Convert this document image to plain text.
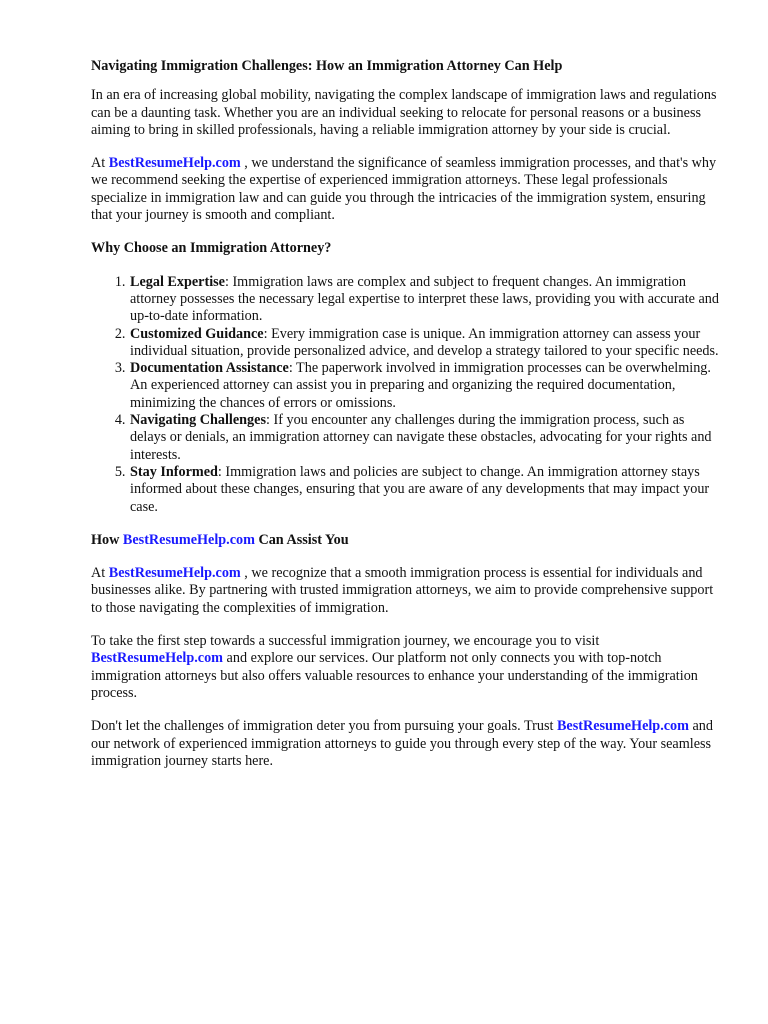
Navigating Immigration Challenges: How an Immigration Attorney Can Help

In an era of increasing global mobility, navigating the complex landscape of immigration laws and regulations can be a daunting task. Whether you are an individual seeking to relocate for personal reasons or a business aiming to bring in skilled professionals, having a reliable immigration attorney by your side is crucial.

At BestResumeHelp.com , we understand the significance of seamless immigration processes, and that's why we recommend seeking the expertise of experienced immigration attorneys. These legal professionals specialize in immigration law and can guide you through the intricacies of the immigration system, ensuring that your journey is smooth and compliant.

Why Choose an Immigration Attorney?
1. Legal Expertise: Immigration laws are complex and subject to frequent changes. An immigration attorney possesses the necessary legal expertise to interpret these laws, providing you with accurate and up-to-date information.
2. Customized Guidance: Every immigration case is unique. An immigration attorney can assess your individual situation, provide personalized advice, and develop a strategy tailored to your specific needs.
3. Documentation Assistance: The paperwork involved in immigration processes can be overwhelming. An experienced attorney can assist you in preparing and organizing the required documentation, minimizing the chances of errors or omissions.
4. Navigating Challenges: If you encounter any challenges during the immigration process, such as delays or denials, an immigration attorney can navigate these obstacles, advocating for your rights and interests.
5. Stay Informed: Immigration laws and policies are subject to change. An immigration attorney stays informed about these changes, ensuring that you are aware of any developments that may impact your case.
How BestResumeHelp.com Can Assist You

At BestResumeHelp.com , we recognize that a smooth immigration process is essential for individuals and businesses alike. By partnering with trusted immigration attorneys, we aim to provide comprehensive support to those navigating the complexities of immigration.

To take the first step towards a successful immigration journey, we encourage you to visit BestResumeHelp.com and explore our services. Our platform not only connects you with top-notch immigration attorneys but also offers valuable resources to enhance your understanding of the immigration process.

Don't let the challenges of immigration deter you from pursuing your goals. Trust BestResumeHelp.com and our network of experienced immigration attorneys to guide you through every step of the way. Your seamless immigration journey starts here.
